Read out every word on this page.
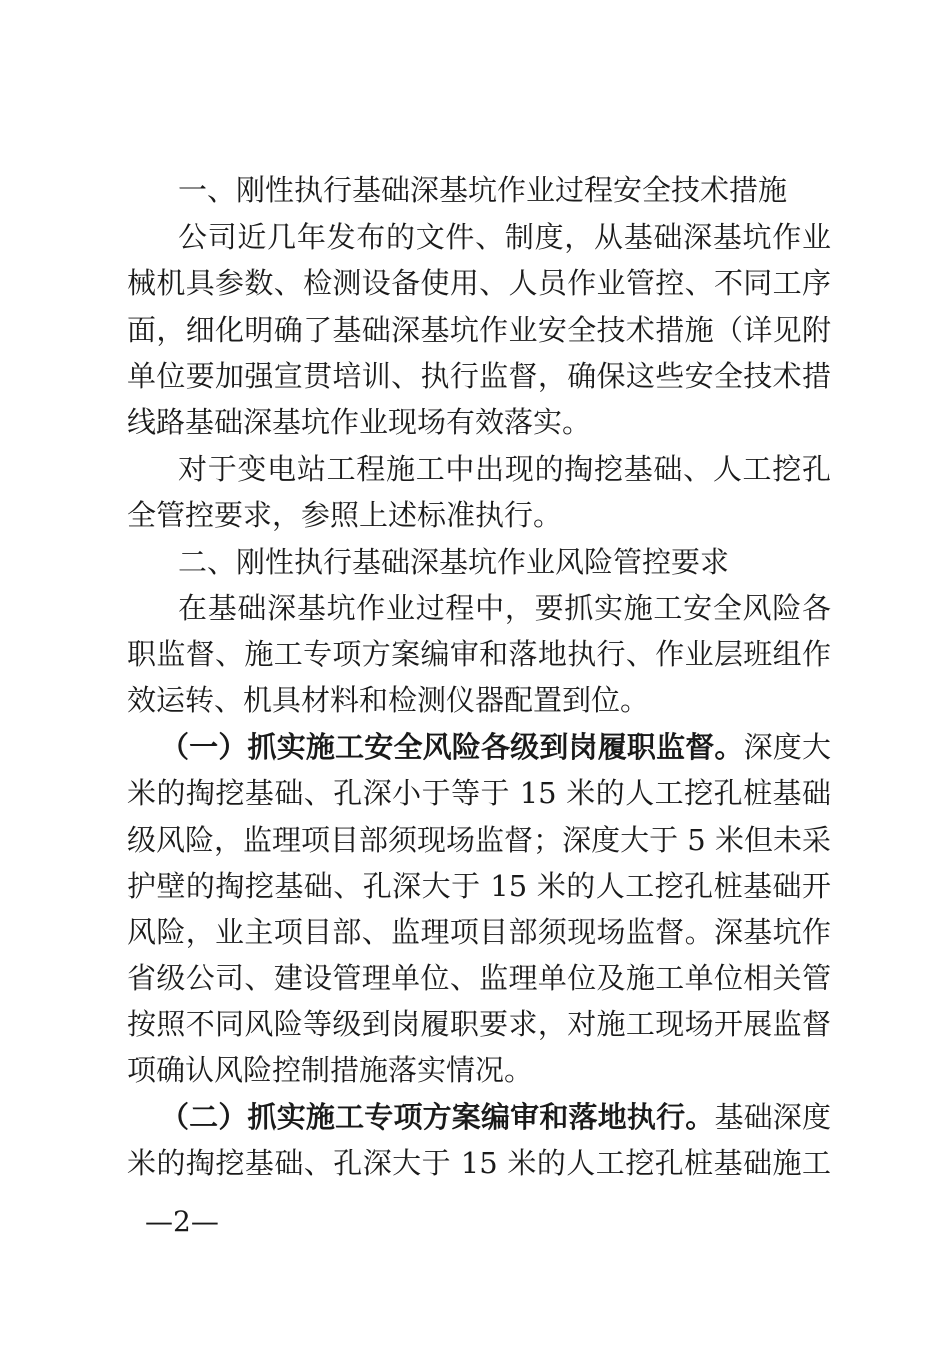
一、刚性执行基础深基坑作业过程安全技术措施
公司近几年发布的文件、制度，从基础深基坑作业
械机具参数、检测设备使用、人员作业管控、不同工序
面，细化明确了基础深基坑作业安全技术措施（详见附
单位要加强宣贯培训、执行监督，确保这些安全技术措
线路基础深基坑作业现场有效落实。
对于变电站工程施工中出现的掏挖基础、人工挖孔
全管控要求，参照上述标准执行。
二、刚性执行基础深基坑作业风险管控要求
在基础深基坑作业过程中，要抓实施工安全风险各
职监督、施工专项方案编审和落地执行、作业层班组作
效运转、机具材料和检测仪器配置到位。
（一）抓实施工安全风险各级到岗履职监督。深度大
米的掏挖基础、孔深小于等于 15 米的人工挖孔桩基础
级风险，监理项目部须现场监督；深度大于 5 米但未采
护壁的掏挖基础、孔深大于 15 米的人工挖孔桩基础开
风险，业主项目部、监理项目部须现场监督。深基坑作
省级公司、建设管理单位、监理单位及施工单位相关管
按照不同风险等级到岗履职要求，对施工现场开展监督
项确认风险控制措施落实情况。
（二）抓实施工专项方案编审和落地执行。基础深度
米的掏挖基础、孔深大于 15 米的人工挖孔桩基础施工
—2—
